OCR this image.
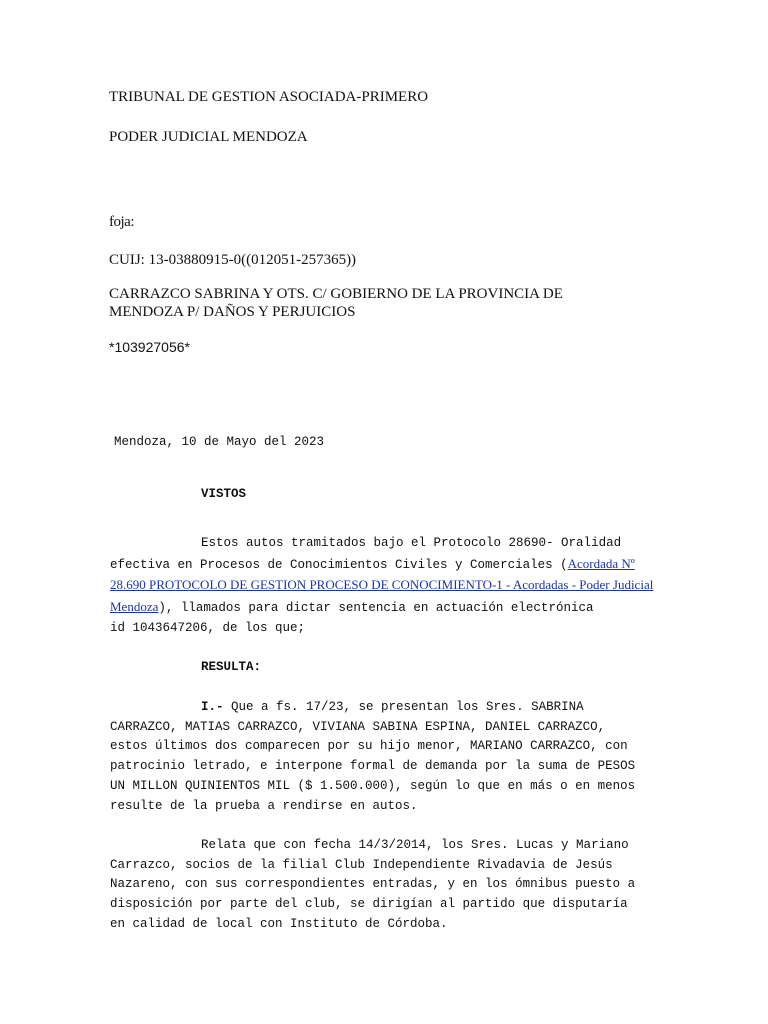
TRIBUNAL DE GESTION ASOCIADA-PRIMERO

PODER JUDICIAL MENDOZA

foja:

CUIJ: 13-03880915-0((012051-257365))

CARRAZCO SABRINA Y OTS. C/ GOBIERNO DE LA PROVINCIA DE

MENDOZA P/ DAÑOS Y PERJUICIOS

*103927056*

Mendoza, 10 de Mayo del 2023

VISTOS

Estos autos tramitados bajo el Protocolo 28690- Oralidad
efectiva en Procesos de Conocimientos Civiles y Comerciales (Acordada Nº
28.690 PROTOCOLO DE GESTION PROCESO DE CONOCIMIENTO-1 - Acordadas - Poder Judicial
Mendoza), llamados para dictar sentencia en actuación electrónica
id 1043647206, de los que;

RESULTA:

I.- Que a fs. 17/23, se presentan los Sres. SABRINA
CARRAZCO, MATIAS CARRAZCO, VIVIANA SABINA ESPINA, DANIEL CARRAZCO,
estos últimos dos comparecen por su hijo menor, MARIANO CARRAZCO, con
patrocinio letrado, e interpone formal de demanda por la suma de PESOS
UN MILLON QUINIENTOS MIL ($ 1.500.000), según lo que en más o en menos
resulte de la prueba a rendirse en autos.
Relata que con fecha 14/3/2014, los Sres. Lucas y Mariano
Carrazco, socios de la filial Club Independiente Rivadavia de Jesús
Nazareno, con sus correspondientes entradas, y en los ómnibus puesto a
disposición por parte del club, se dirigían al partido que disputaría
en calidad de local con Instituto de Córdoba.
